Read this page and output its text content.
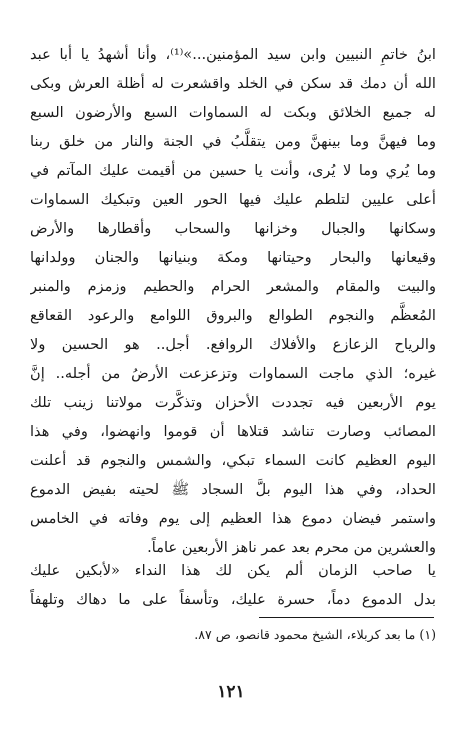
ابنُ خاتمِ النبيين وابن سيد المؤمنين...»⁽¹⁾، وأنا أشهدُ يا أبا عبد
الله أن دمك قد سكن في الخلد واقشعرت له أظلة العرش وبكى
له جميع الخلائق وبكت له السماوات السبع والأرضون السبع
وما فيهنَّ وما بينهنَّ ومن يتقلَّبُ في الجنة والنار من خلق ربنا
وما يُري وما لا يُرى، وأنت يا حسين من أقيمت عليك المآتم في
أعلى عليين لتلطم عليك فيها الحور العين وتبكيك السماوات
وسكانها والجبال وخزانها والسحاب وأقطارها والأرض
وقيعانها والبحار وحيتانها ومكة وبنيانها والجنان وولدانها
والبيت والمقام والمشعر الحرام والحطيم وزمزم والمنبر
المُعظَّم والنجوم الطوالع والبروق اللوامع والرعود القعاقع
والرياح الزعازع والأفلاك الروافع. أجل.. هو الحسين ولا
غيره؛ الذي ماجت السماوات وتزعزعت الأرضُ من أجله.. إنَّ
يوم الأربعين فيه تجددت الأحزان وتذكَّرت مولاتنا زينب تلك
المصائب وصارت تناشد قتلاها أن قوموا وانهضوا، وفي هذا
اليوم العظيم كانت السماء تبكي، والشمس والنجوم قد أعلنت
الحداد، وفي هذا اليوم بلَّ السجاد ﷺ لحيته بفيض الدموع
واستمر فيضان دموع هذا العظيم إلى يوم وفاته في الخامس
والعشرين من محرم بعد عمر ناهز الأربعين عاماً.
يا صاحب الزمان ألم يكن لك هذا النداء «لأبكين عليك
بدل الدموع دماً، حسرة عليك، وتأسفاً على ما دهاك وتلهفاً
(١) ما بعد كربلاء، الشيخ محمود قانصو، ص ٨٧.
١٢١
